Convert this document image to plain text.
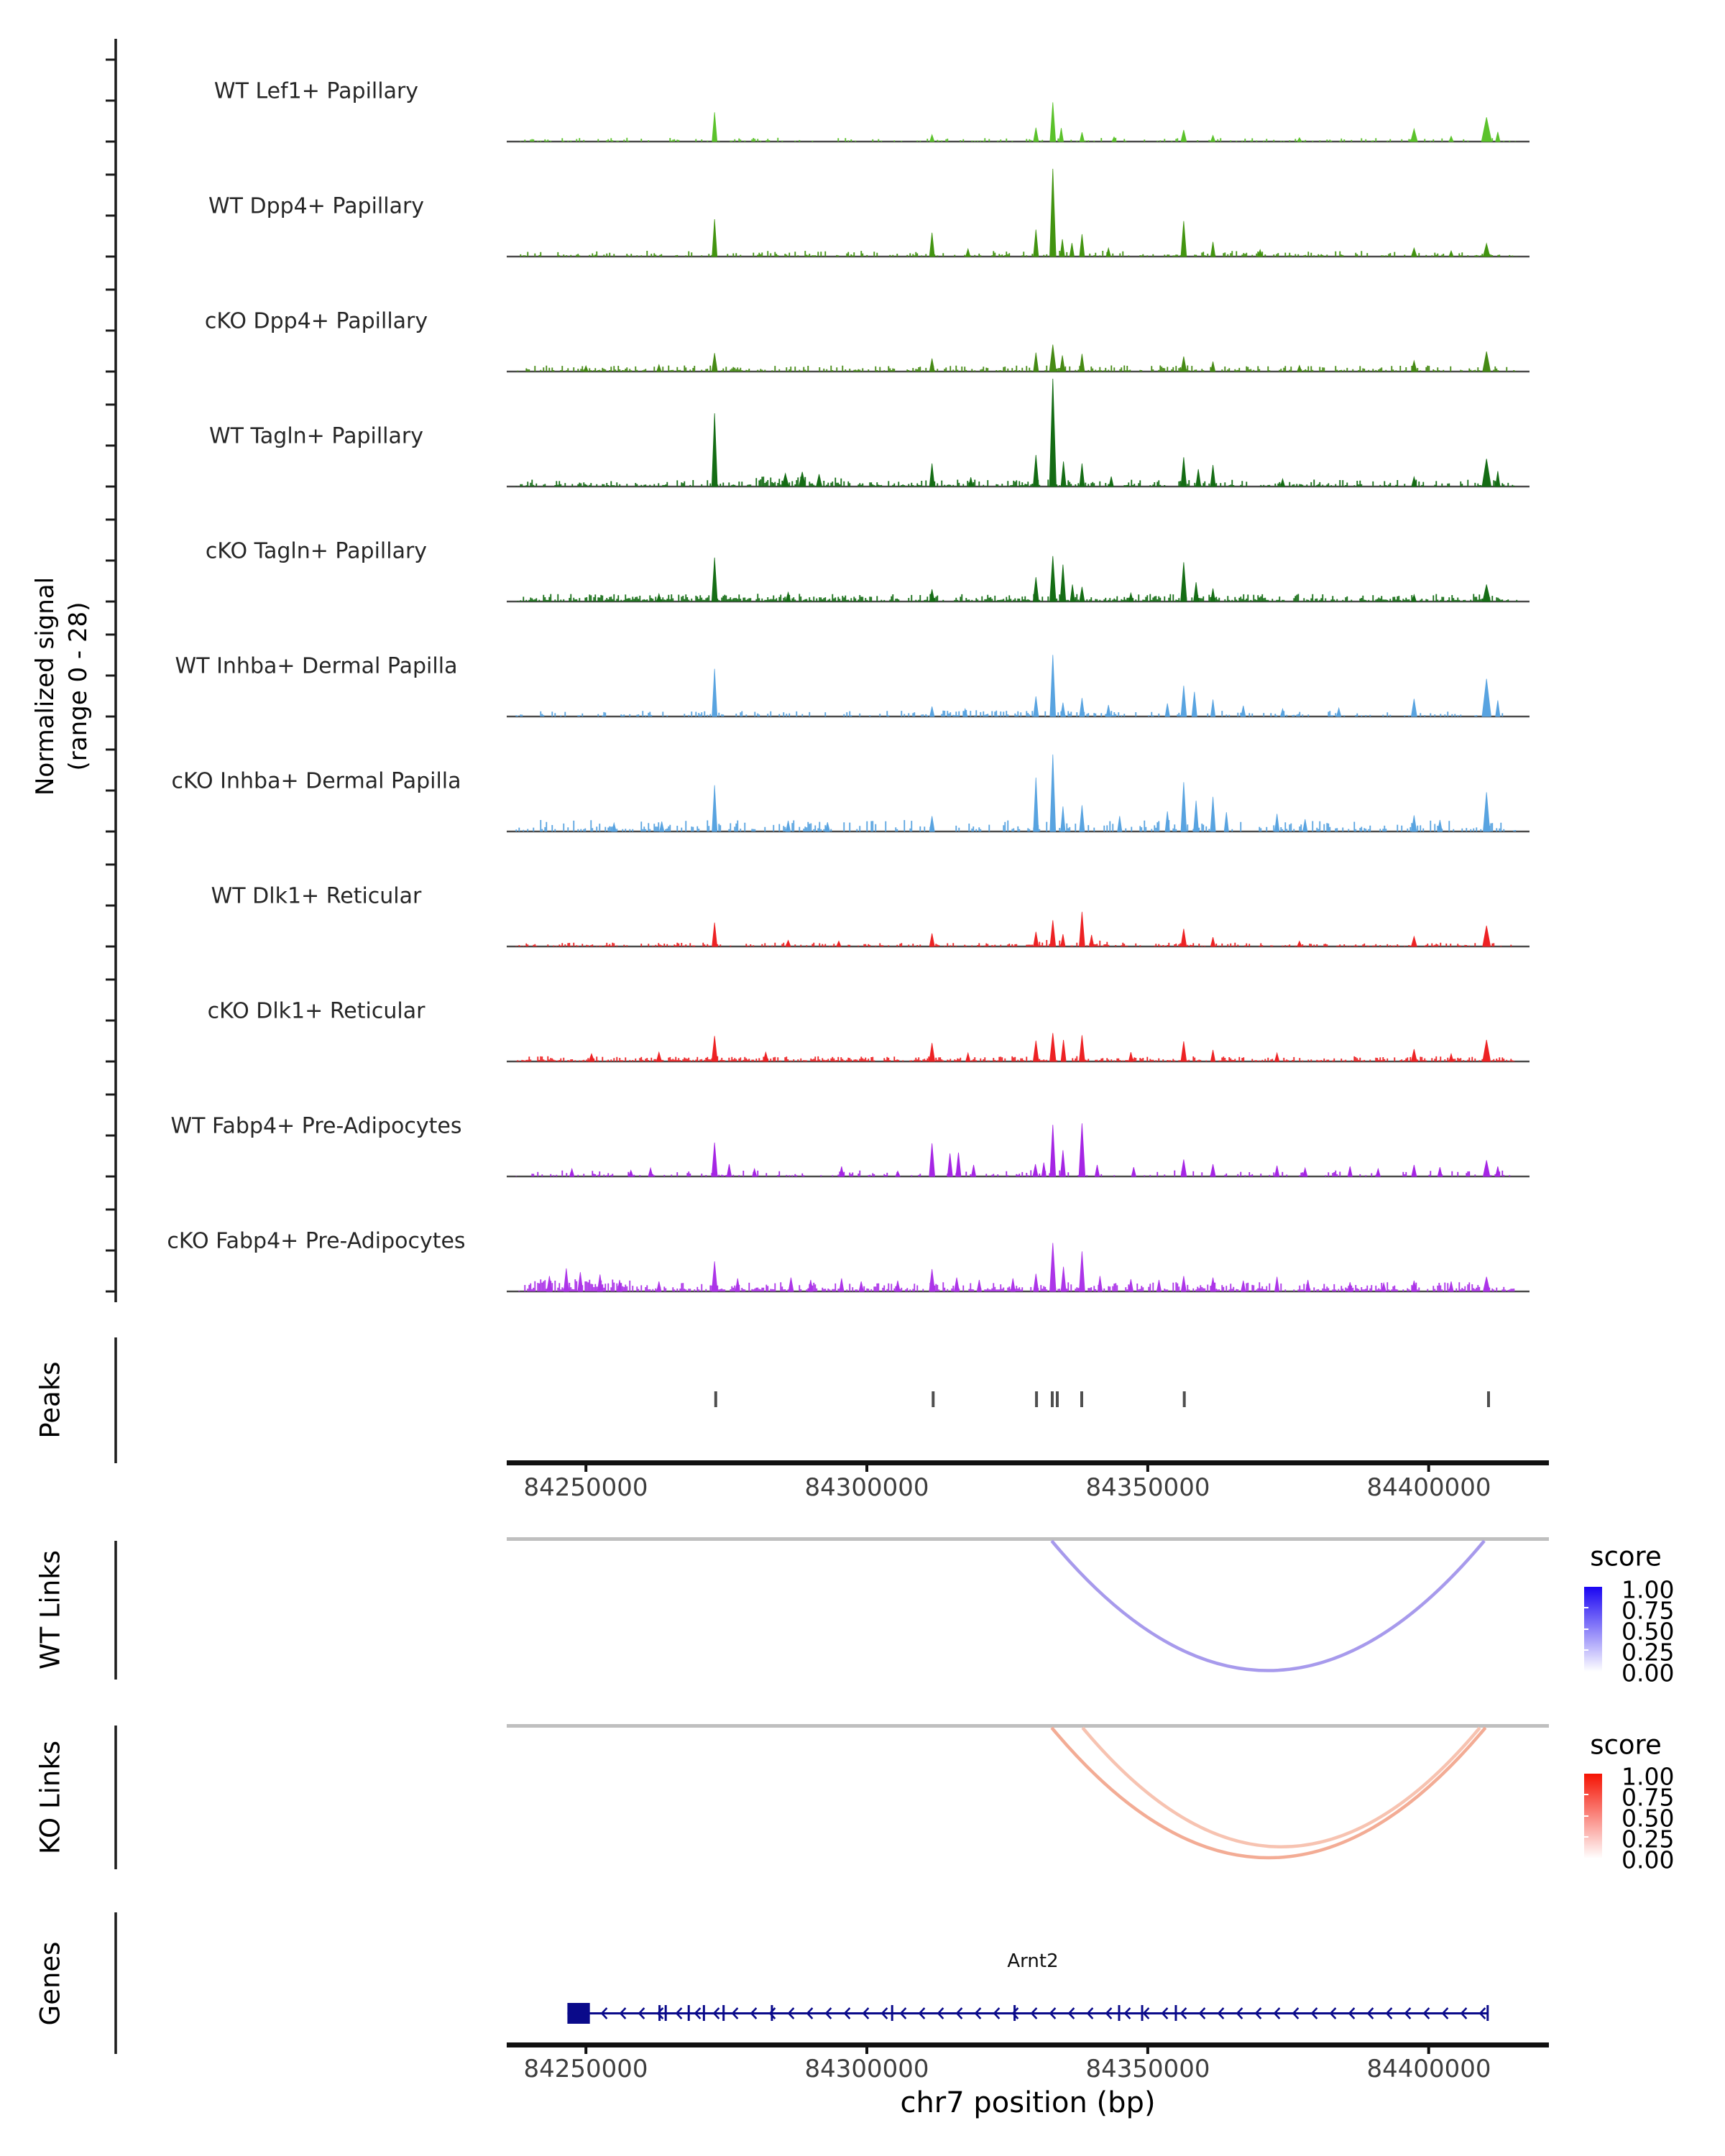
Normalized signal (range 0 - 28)
WT Lef1+ Papillary
WT Dpp4+ Papillary
cKO Dpp4+ Papillary
WT Tagln+ Papillary
cKO Tagln+ Papillary
WT Inhba+ Dermal Papilla
cKO Inhba+ Dermal Papilla
WT Dlk1+ Reticular
cKO Dlk1+ Reticular
WT Fabp4+ Pre-Adipocytes
cKO Fabp4+ Pre-Adipocytes
Peaks
WT Links
KO Links
Genes
84250000	84300000	84350000	84400000
score
1.00
0.75
0.50
0.25
0.00
score
1.00
0.75
0.50
0.25
0.00
Arnt2
84250000	84300000	84350000	84400000
chr7 position (bp)
